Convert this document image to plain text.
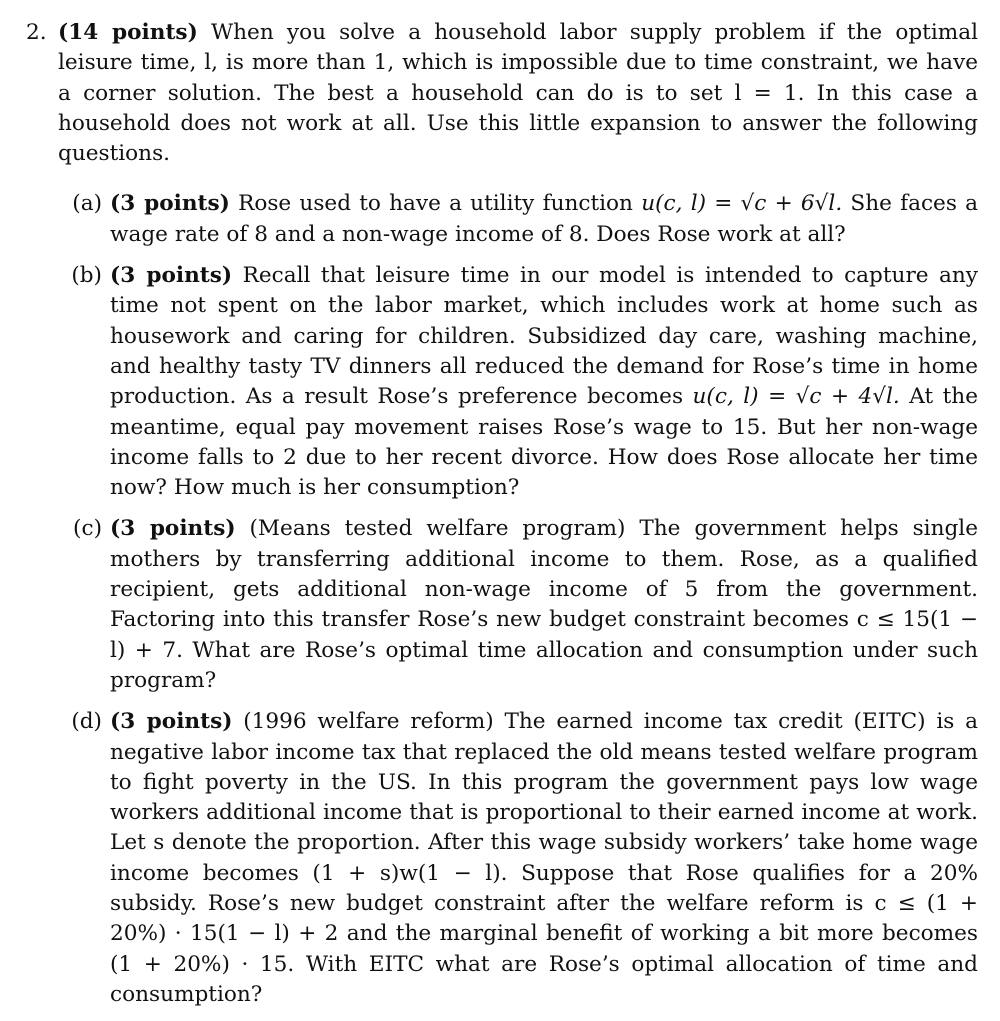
2. (14 points) When you solve a household labor supply problem if the optimal leisure time, l, is more than 1, which is impossible due to time constraint, we have a corner solution. The best a household can do is to set l = 1. In this case a household does not work at all. Use this little expansion to answer the following questions.

(a) (3 points) Rose used to have a utility function u(c, l) = √c + 6√l. She faces a wage rate of 8 and a non-wage income of 8. Does Rose work at all?
(b) (3 points) Recall that leisure time in our model is intended to capture any time not spent on the labor market, which includes work at home such as housework and caring for children. Subsidized day care, washing machine, and healthy tasty TV dinners all reduced the demand for Rose’s time in home production. As a result Rose’s preference becomes u(c, l) = √c + 4√l. At the meantime, equal pay movement raises Rose’s wage to 15. But her non-wage income falls to 2 due to her recent divorce. How does Rose allocate her time now? How much is her consumption?
(c) (3 points) (Means tested welfare program) The government helps single mothers by transferring additional income to them. Rose, as a qualified recipient, gets additional non-wage income of 5 from the government. Factoring into this transfer Rose’s new budget constraint becomes c ≤ 15(1 − l) + 7. What are Rose’s optimal time allocation and consumption under such program?
(d) (3 points) (1996 welfare reform) The earned income tax credit (EITC) is a negative labor income tax that replaced the old means tested welfare program to fight poverty in the US. In this program the government pays low wage workers additional income that is proportional to their earned income at work. Let s denote the proportion. After this wage subsidy workers’ take home wage income becomes (1 + s)w(1 − l). Suppose that Rose qualifies for a 20% subsidy. Rose’s new budget constraint after the welfare reform is c ≤ (1 + 20%) · 15(1 − l) + 2 and the marginal benefit of working a bit more becomes (1 + 20%) · 15. With EITC what are Rose’s optimal allocation of time and consumption?
